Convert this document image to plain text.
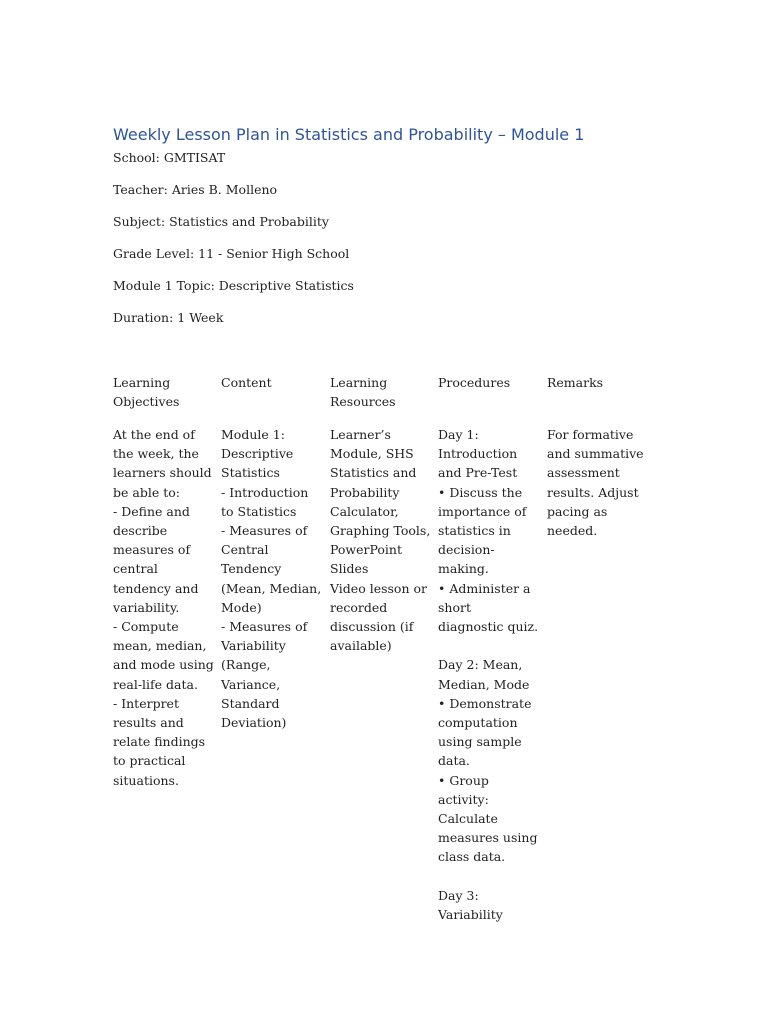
Weekly Lesson Plan in Statistics and Probability – Module 1

School: GMTISAT

Teacher: Aries B. Molleno

Subject: Statistics and Probability

Grade Level: 11 - Senior High School

Module 1 Topic: Descriptive Statistics

Duration: 1 Week

Learning
Objectives

Content	Learning
Resources

Procedures	Remarks

At the end of
the week, the
learners should
be able to:
- Define and
describe
measures of
central
tendency and
variability.
- Compute
mean, median,
and mode using
real-life data.
- Interpret
results and
relate findings
to practical
situations.

Module 1:
Descriptive
Statistics
- Introduction
to Statistics
- Measures of
Central
Tendency
(Mean, Median,
Mode)
- Measures of
Variability
(Range,
Variance,
Standard
Deviation)

Learner’s
Module, SHS
Statistics and
Probability
Calculator,
Graphing Tools,
PowerPoint
Slides
Video lesson or
recorded
discussion (if
available)

Day 1:
Introduction
and Pre-Test
• Discuss the
importance of
statistics in
decision-
making.
• Administer a
short
diagnostic quiz.

Day 2: Mean,
Median, Mode
• Demonstrate
computation
using sample
data.
• Group
activity:
Calculate
measures using
class data.

Day 3:
Variability

For formative
and summative
assessment
results. Adjust
pacing as
needed.
